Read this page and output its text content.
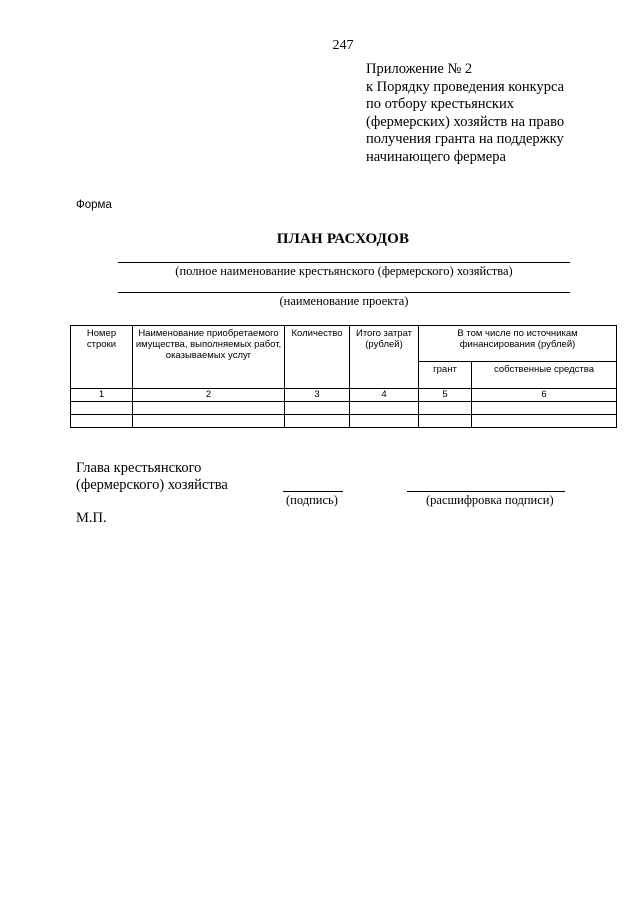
247
Приложение № 2
к Порядку проведения конкурса
по отбору крестьянских
(фермерских) хозяйств на право
получения гранта на поддержку
начинающего фермера
Форма
ПЛАН РАСХОДОВ
(полное наименование крестьянского (фермерского) хозяйства)
(наименование проекта)
Номер строки	Наименование приобретаемого имущества, выполняемых работ, оказываемых услуг	Количество	Итого затрат (рублей)	В том числе по источникам финансирования (рублей)	
				грант	собственные средства
1	2	3	4	5	6

Глава крестьянского
(фермерского) хозяйства
(подпись)	(расшифровка подписи)
М.П.
